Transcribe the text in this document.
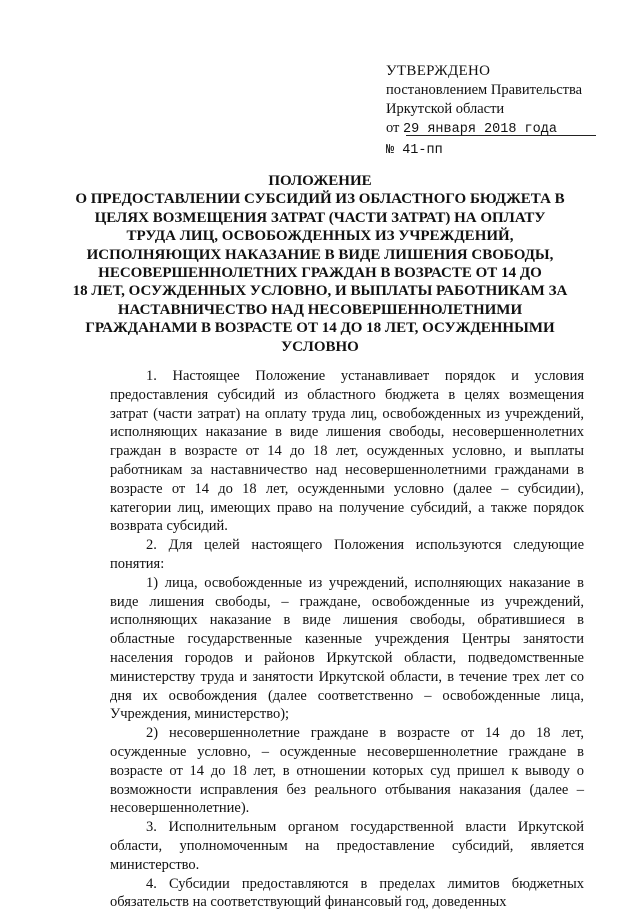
УТВЕРЖДЕНО
постановлением Правительства
Иркутской области
от 29 января 2018 года
№ 41-пп
ПОЛОЖЕНИЕ
О ПРЕДОСТАВЛЕНИИ СУБСИДИЙ ИЗ ОБЛАСТНОГО БЮДЖЕТА В
ЦЕЛЯХ ВОЗМЕЩЕНИЯ ЗАТРАТ (ЧАСТИ ЗАТРАТ) НА ОПЛАТУ
ТРУДА ЛИЦ, ОСВОБОЖДЕННЫХ ИЗ УЧРЕЖДЕНИЙ,
ИСПОЛНЯЮЩИХ НАКАЗАНИЕ В ВИДЕ ЛИШЕНИЯ СВОБОДЫ,
НЕСОВЕРШЕННОЛЕТНИХ ГРАЖДАН В ВОЗРАСТЕ ОТ 14 ДО
18 ЛЕТ, ОСУЖДЕННЫХ УСЛОВНО, И ВЫПЛАТЫ РАБОТНИКАМ ЗА
НАСТАВНИЧЕСТВО НАД НЕСОВЕРШЕННОЛЕТНИМИ
ГРАЖДАНАМИ В ВОЗРАСТЕ ОТ 14 ДО 18 ЛЕТ, ОСУЖДЕННЫМИ
УСЛОВНО

1. Настоящее Положение устанавливает порядок и условия предоставления субсидий из областного бюджета в целях возмещения затрат (части затрат) на оплату труда лиц, освобожденных из учреждений, исполняющих наказание в виде лишения свободы, несовершеннолетних граждан в возрасте от 14 до 18 лет, осужденных условно, и выплаты работникам за наставничество над несовершеннолетними гражданами в возрасте от 14 до 18 лет, осужденными условно (далее – субсидии), категории лиц, имеющих право на получение субсидий, а также порядок возврата субсидий.

2. Для целей настоящего Положения используются следующие понятия:

1) лица, освобожденные из учреждений, исполняющих наказание в виде лишения свободы, – граждане, освобожденные из учреждений, исполняющих наказание в виде лишения свободы, обратившиеся в областные государственные казенные учреждения Центры занятости населения городов и районов Иркутской области, подведомственные министерству труда и занятости Иркутской области, в течение трех лет со дня их освобождения (далее соответственно – освобожденные лица, Учреждения, министерство);

2) несовершеннолетние граждане в возрасте от 14 до 18 лет, осужденные условно, – осужденные несовершеннолетние граждане в возрасте от 14 до 18 лет, в отношении которых суд пришел к выводу о возможности исправления без реального отбывания наказания (далее – несовершеннолетние).

3. Исполнительным органом государственной власти Иркутской области, уполномоченным на предоставление субсидий, является министерство.

4. Субсидии предоставляются в пределах лимитов бюджетных обязательств на соответствующий финансовый год, доведенных
